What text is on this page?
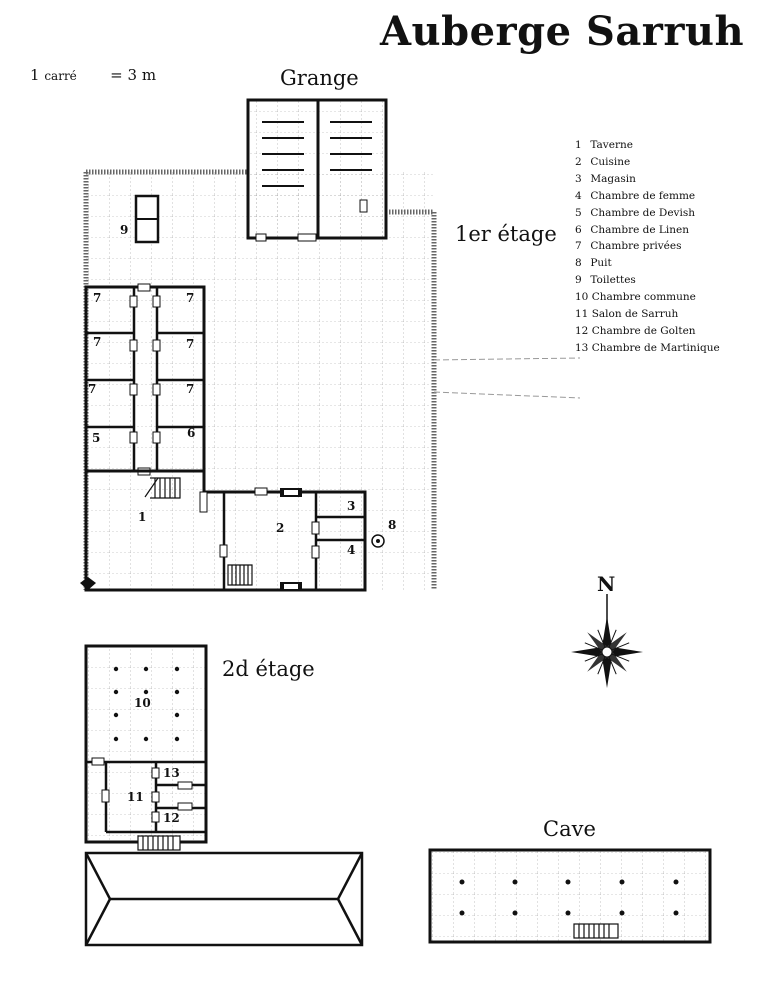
Auberge Sarruh
1 carré = 3 m	Grange
1er étage
2d étage
Cave
1 Taverne
2 Cuisine
3 Magasin
4 Chambre de femme
5 Chambre de Devish
6 Chambre de Linen
7 Chambre privées
8 Puit
9 Toilettes
10 Chambre commune
11 Salon de Sarruh
12 Chambre de Golten
13 Chambre de Martinique
N
9
7	7
7	7
7	7
5	6
1
2
3
4
8
10
11
13
12
